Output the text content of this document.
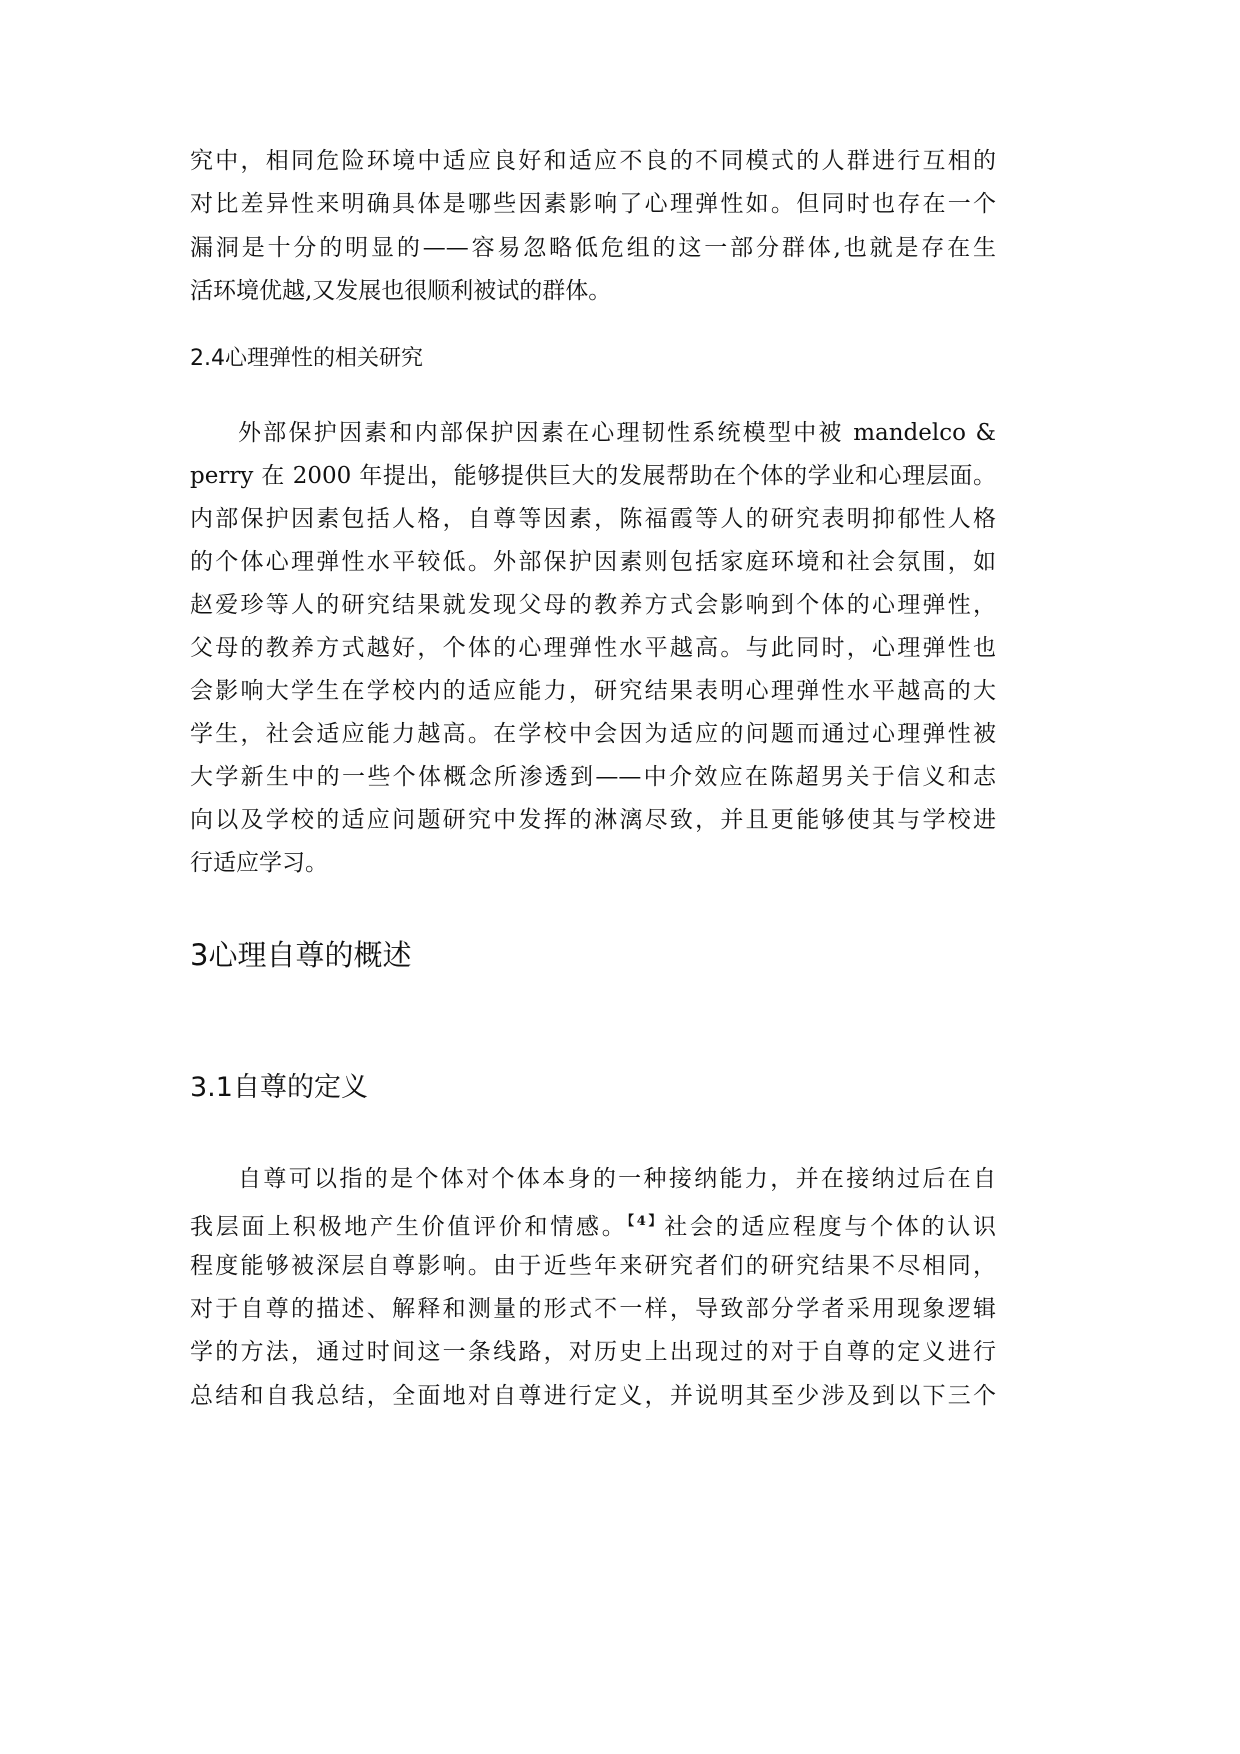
究中，相同危险环境中适应良好和适应不良的不同模式的人群进行互相的
对比差异性来明确具体是哪些因素影响了心理弹性如。但同时也存在一个
漏洞是十分的明显的——容易忽略低危组的这一部分群体,也就是存在生
活环境优越,又发展也很顺利被试的群体。
2.4心理弹性的相关研究
外部保护因素和内部保护因素在心理韧性系统模型中被 mandelco &
perry 在 2000 年提出，能够提供巨大的发展帮助在个体的学业和心理层面。
内部保护因素包括人格，自尊等因素，陈福霞等人的研究表明抑郁性人格
的个体心理弹性水平较低。外部保护因素则包括家庭环境和社会氛围，如
赵爱珍等人的研究结果就发现父母的教养方式会影响到个体的心理弹性，
父母的教养方式越好，个体的心理弹性水平越高。与此同时，心理弹性也
会影响大学生在学校内的适应能力，研究结果表明心理弹性水平越高的大
学生，社会适应能力越高。在学校中会因为适应的问题而通过心理弹性被
大学新生中的一些个体概念所渗透到——中介效应在陈超男关于信义和志
向以及学校的适应问题研究中发挥的淋漓尽致，并且更能够使其与学校进
行适应学习。
3心理自尊的概述
3.1自尊的定义
自尊可以指的是个体对个体本身的一种接纳能力，并在接纳过后在自
我层面上积极地产生价值评价和情感。$^{【4】}$社会的适应程度与个体的认识
程度能够被深层自尊影响。由于近些年来研究者们的研究结果不尽相同，
对于自尊的描述、解释和测量的形式不一样，导致部分学者采用现象逻辑
学的方法，通过时间这一条线路，对历史上出现过的对于自尊的定义进行
总结和自我总结，全面地对自尊进行定义，并说明其至少涉及到以下三个
